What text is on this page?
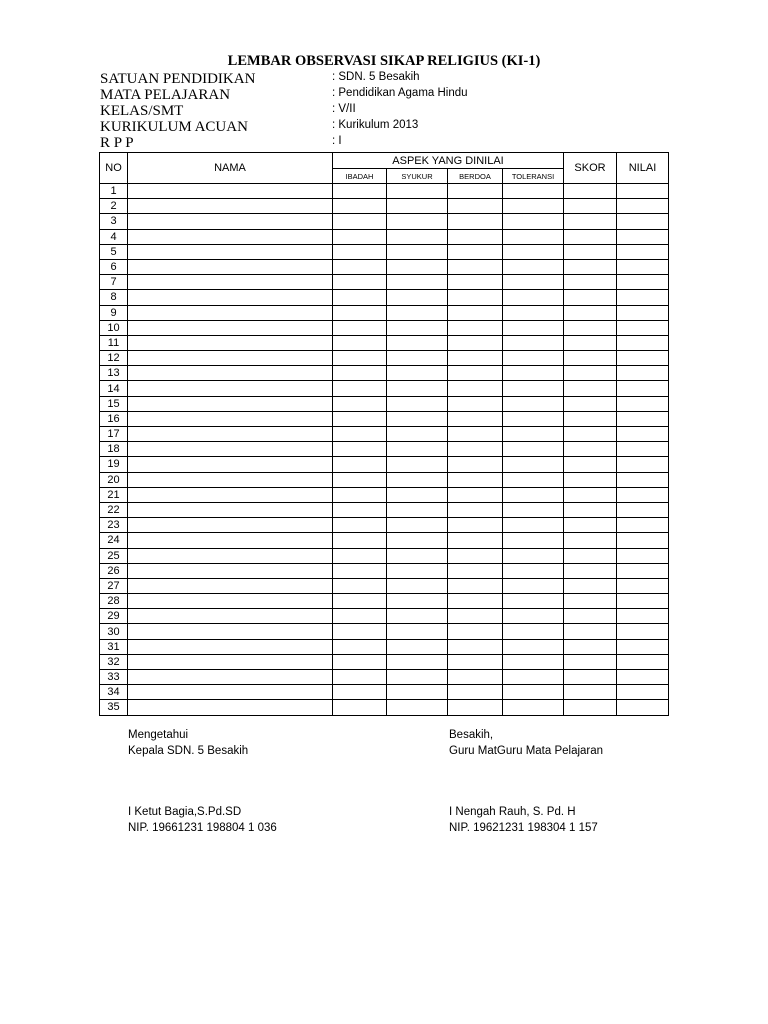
LEMBAR OBSERVASI SIKAP RELIGIUS (KI-1)
SATUAN PENDIDIKAN	: SDN. 5 Besakih
MATA PELAJARAN	: Pendidikan Agama Hindu
KELAS/SMT	: V/II
KURIKULUM ACUAN	: Kurikulum 2013
R P P	: I
NO	NAMA	ASPEK YANG DINILAI				SKOR	NILAI
		IBADAH	SYUKUR	BERDOA	TOLERANSI		
1							
2							
3							
4							
5							
6							
7							
8							
9							
10							
11							
12							
13							
14							
15							
16							
17							
18							
19							
20							
21							
22							
23							
24							
25							
26							
27							
28							
29							
30							
31							
32							
33							
34							
35							
Mengetahui
Kepala SDN. 5 Besakih
I Ketut Bagia,S.Pd.SD
NIP. 19661231 198804 1 036
Besakih,
Guru MatGuru Mata Pelajaran
I Nengah Rauh, S. Pd. H
NIP. 19621231 198304 1 157
